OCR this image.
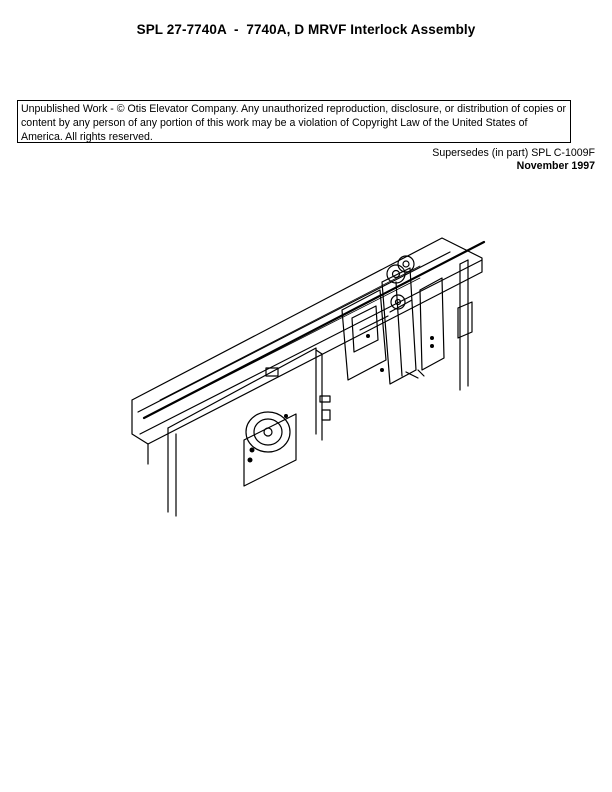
SPL 27-7740A  -  7740A, D MRVF Interlock Assembly
Unpublished Work - © Otis Elevator Company. Any unauthorized reproduction, disclosure, or distribution of copies or content by any person of any portion of this work may be a violation of Copyright Law of the United States of America. All rights reserved.
Supersedes (in part) SPL C-1009F
November 1997
